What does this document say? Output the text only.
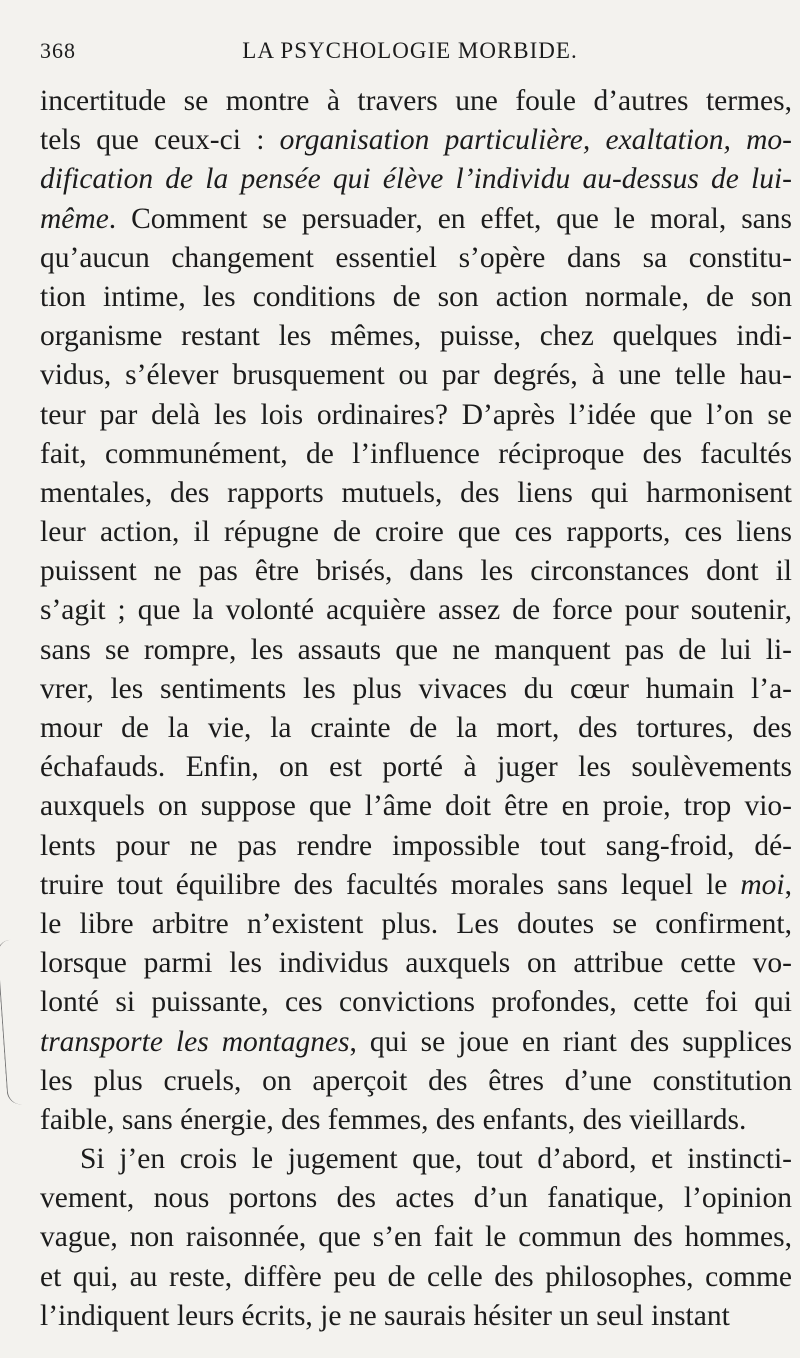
368	LA PSYCHOLOGIE MORBIDE.
incertitude se montre à travers une foule d’autres termes,
tels que ceux-ci : organisation particulière, exaltation, mo-
dification de la pensée qui élève l’individu au-dessus de lui-
même. Comment se persuader, en effet, que le moral, sans
qu’aucun changement essentiel s’opère dans sa constitu-
tion intime, les conditions de son action normale, de son
organisme restant les mêmes, puisse, chez quelques indi-
vidus, s’élever brusquement ou par degrés, à une telle hau-
teur par delà les lois ordinaires? D’après l’idée que l’on se
fait, communément, de l’influence réciproque des facultés
mentales, des rapports mutuels, des liens qui harmonisent
leur action, il répugne de croire que ces rapports, ces liens
puissent ne pas être brisés, dans les circonstances dont il
s’agit ; que la volonté acquière assez de force pour soutenir,
sans se rompre, les assauts que ne manquent pas de lui li-
vrer, les sentiments les plus vivaces du cœur humain l’a-
mour de la vie, la crainte de la mort, des tortures, des
échafauds. Enfin, on est porté à juger les soulèvements
auxquels on suppose que l’âme doit être en proie, trop vio-
lents pour ne pas rendre impossible tout sang-froid, dé-
truire tout équilibre des facultés morales sans lequel le moi,
le libre arbitre n’existent plus. Les doutes se confirment,
lorsque parmi les individus auxquels on attribue cette vo-
lonté si puissante, ces convictions profondes, cette foi qui
transporte les montagnes, qui se joue en riant des supplices
les plus cruels, on aperçoit des êtres d’une constitution
faible, sans énergie, des femmes, des enfants, des vieillards.
Si j’en crois le jugement que, tout d’abord, et instincti-
vement, nous portons des actes d’un fanatique, l’opinion
vague, non raisonnée, que s’en fait le commun des hommes,
et qui, au reste, diffère peu de celle des philosophes, comme
l’indiquent leurs écrits, je ne saurais hésiter un seul instant
